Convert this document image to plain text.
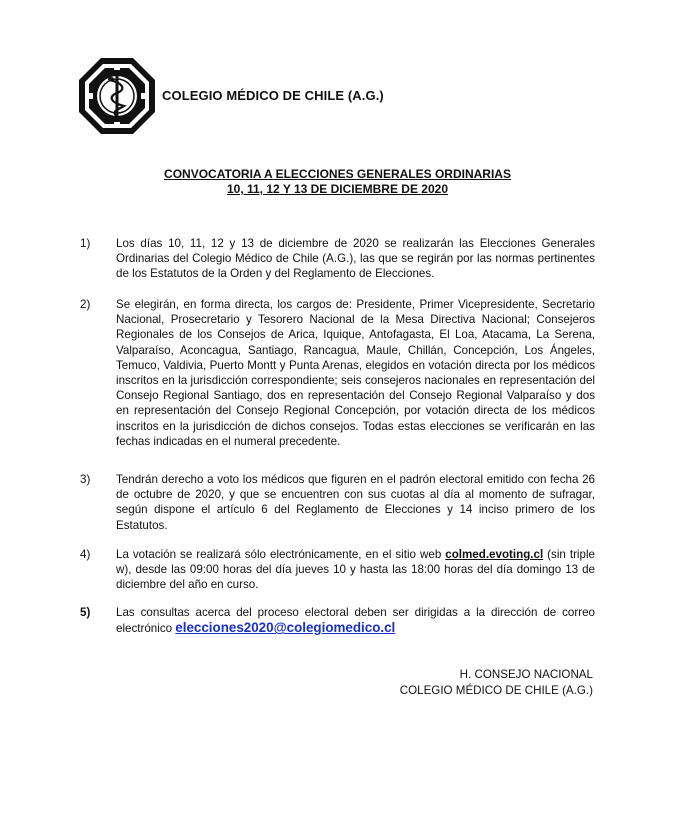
COLEGIO MÉDICO DE CHILE (A.G.)
CONVOCATORIA A ELECCIONES GENERALES ORDINARIAS
10, 11, 12 Y 13 DE DICIEMBRE DE 2020
1) Los días 10, 11, 12 y 13 de diciembre de 2020 se realizarán las Elecciones Generales Ordinarias del Colegio Médico de Chile (A.G.), las que se regirán por las normas pertinentes de los Estatutos de la Orden y del Reglamento de Elecciones.
2) Se elegirán, en forma directa, los cargos de: Presidente, Primer Vicepresidente, Secretario Nacional, Prosecretario y Tesorero Nacional de la Mesa Directiva Nacional; Consejeros Regionales de los Consejos de Arica, Iquique, Antofagasta, El Loa, Atacama, La Serena, Valparaíso, Aconcagua, Santiago, Rancagua, Maule, Chillán, Concepción, Los Ángeles, Temuco, Valdivia, Puerto Montt y Punta Arenas, elegidos en votación directa por los médicos inscritos en la jurisdicción correspondiente; seis consejeros nacionales en representación del Consejo Regional Santiago, dos en representación del Consejo Regional Valparaíso y dos en representación del Consejo Regional Concepción, por votación directa de los médicos inscritos en la jurisdicción de dichos consejos. Todas estas elecciones se verificarán en las fechas indicadas en el numeral precedente.
3) Tendrán derecho a voto los médicos que figuren en el padrón electoral emitido con fecha 26 de octubre de 2020, y que se encuentren con sus cuotas al día al momento de sufragar, según dispone el artículo 6 del Reglamento de Elecciones y 14 inciso primero de los Estatutos.
4) La votación se realizará sólo electrónicamente, en el sitio web colmed.evoting.cl (sin triple w), desde las 09:00 horas del día jueves 10 y hasta las 18:00 horas del día domingo 13 de diciembre del año en curso.
5) Las consultas acerca del proceso electoral deben ser dirigidas a la dirección de correo electrónico elecciones2020@colegiomedico.cl
H. CONSEJO NACIONAL
COLEGIO MÉDICO DE CHILE (A.G.)
